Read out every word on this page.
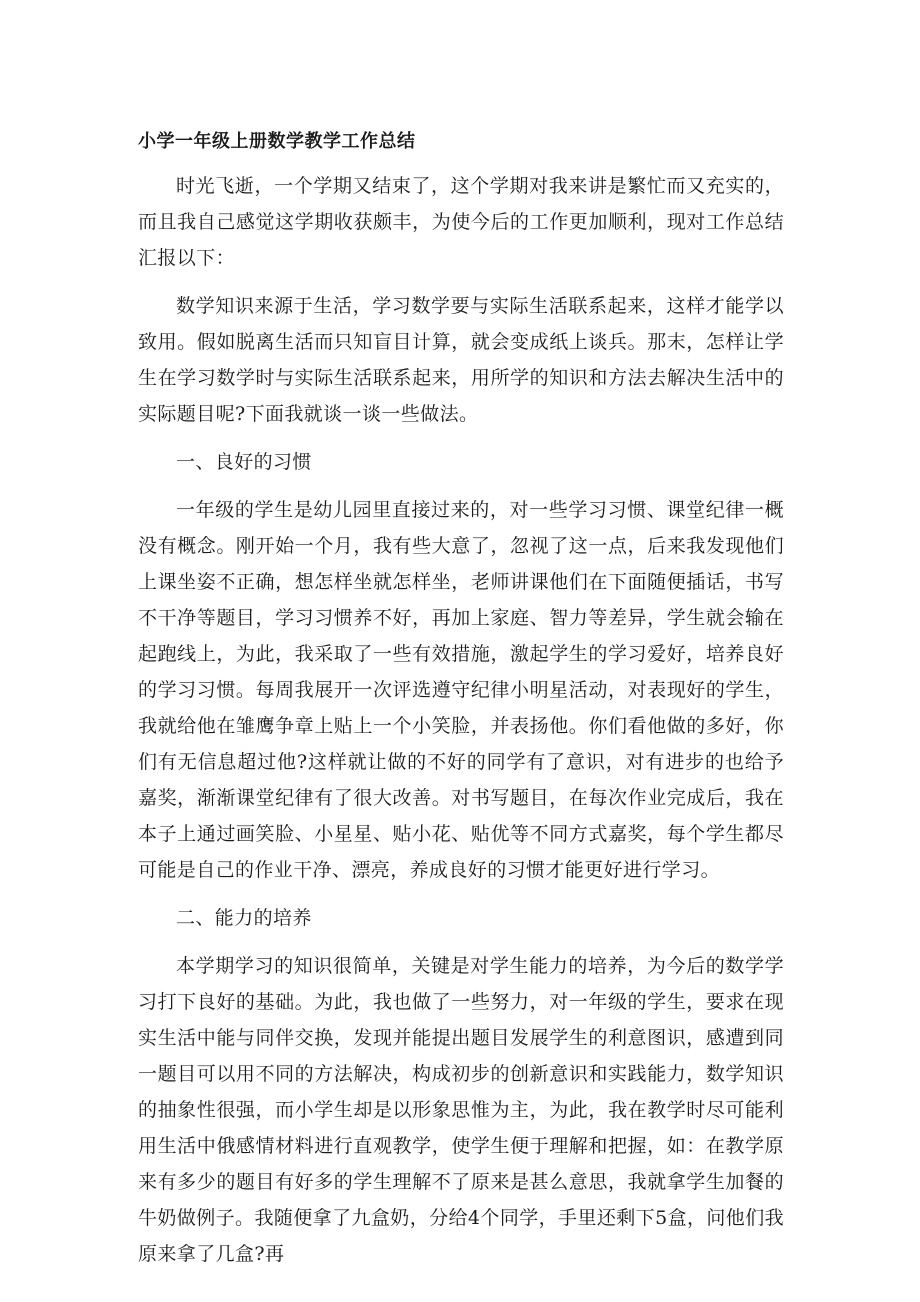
小学一年级上册数学教学工作总结

时光飞逝，一个学期又结束了，这个学期对我来讲是繁忙而又充实的，而且我自己感觉这学期收获颇丰，为使今后的工作更加顺利，现对工作总结汇报以下：

数学知识来源于生活，学习数学要与实际生活联系起来，这样才能学以致用。假如脱离生活而只知盲目计算，就会变成纸上谈兵。那末，怎样让学生在学习数学时与实际生活联系起来，用所学的知识和方法去解决生活中的实际题目呢?下面我就谈一谈一些做法。

一、良好的习惯

一年级的学生是幼儿园里直接过来的，对一些学习习惯、课堂纪律一概没有概念。刚开始一个月，我有些大意了，忽视了这一点，后来我发现他们上课坐姿不正确，想怎样坐就怎样坐，老师讲课他们在下面随便插话，书写不干净等题目，学习习惯养不好，再加上家庭、智力等差异，学生就会输在起跑线上，为此，我采取了一些有效措施，激起学生的学习爱好，培养良好的学习习惯。每周我展开一次评选遵守纪律小明星活动，对表现好的学生，我就给他在雏鹰争章上贴上一个小笑脸，并表扬他。你们看他做的多好，你们有无信息超过他?这样就让做的不好的同学有了意识，对有进步的也给予嘉奖，渐渐课堂纪律有了很大改善。对书写题目，在每次作业完成后，我在本子上通过画笑脸、小星星、贴小花、贴优等不同方式嘉奖，每个学生都尽可能是自己的作业干净、漂亮，养成良好的习惯才能更好进行学习。

二、能力的培养

本学期学习的知识很简单，关键是对学生能力的培养，为今后的数学学习打下良好的基础。为此，我也做了一些努力，对一年级的学生，要求在现实生活中能与同伴交换，发现并能提出题目发展学生的利意图识，感遭到同一题目可以用不同的方法解决，构成初步的创新意识和实践能力，数学知识的抽象性很强，而小学生却是以形象思惟为主，为此，我在教学时尽可能利用生活中俄感情材料进行直观教学，使学生便于理解和把握，如：在教学原来有多少的题目有好多的学生理解不了原来是甚么意思，我就拿学生加餐的牛奶做例子。我随便拿了九盒奶，分给4个同学，手里还剩下5盒，问他们我原来拿了几盒?再
